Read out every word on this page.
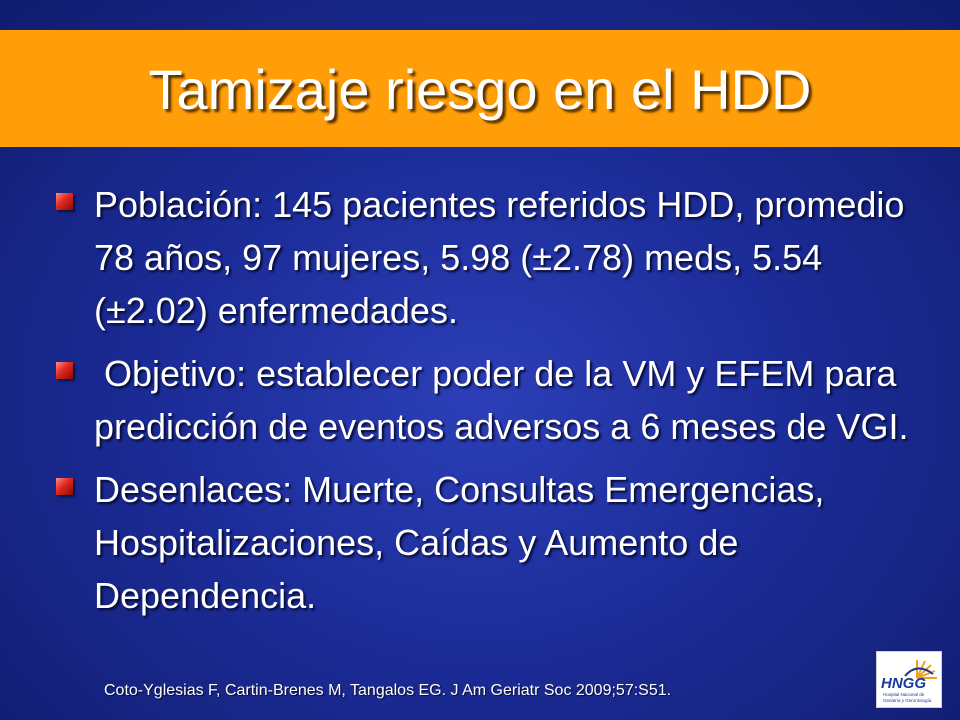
Tamizaje riesgo en el HDD
Población: 145 pacientes referidos HDD, promedio 78 años, 97 mujeres, 5.98 (±2.78) meds, 5.54 (±2.02) enfermedades.
Objetivo: establecer poder de la VM y EFEM para predicción de eventos adversos a 6 meses de VGI.
Desenlaces: Muerte, Consultas Emergencias, Hospitalizaciones, Caídas y Aumento de Dependencia.
Coto-Yglesias F, Cartin-Brenes M, Tangalos EG. J Am Geriatr Soc 2009;57:S51.	HNGG
Hospital Nacional de
Geriatría y Gerontología
